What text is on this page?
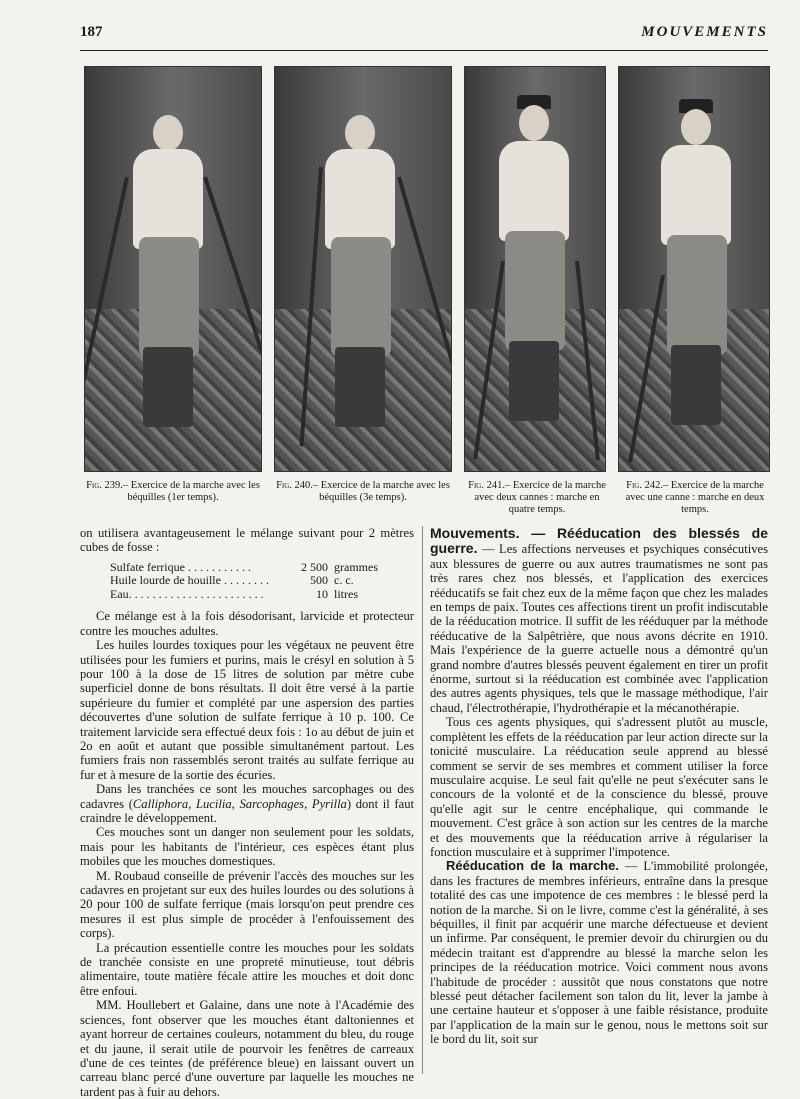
187	MOUVEMENTS
Fig. 239.– Exercice de la marche avec les béquilles (1er temps).
Fig. 240.– Exercice de la marche avec les béquilles (3e temps).
Fig. 241.– Exercice de la marche avec deux cannes : marche en quatre temps.
Fig. 242.– Exercice de la marche avec une canne : marche en deux temps.

on utilisera avantageusement le mélange suivant pour 2 mètres cubes de fosse :

Sulfate ferrique . . . . . . . . . . .	2 500 grammes
Huile lourde de houille . . . . . . . .	500 c. c.
Eau. . . . . . . . . . . . . . . . . . . . . . .	10 litres

Ce mélange est à la fois désodorisant, larvicide et protecteur contre les mouches adultes.

Les huiles lourdes toxiques pour les végétaux ne peuvent être utilisées pour les fumiers et purins, mais le crésyl en solution à 5 pour 100 à la dose de 15 litres de solution par mètre cube superficiel donne de bons résultats. Il doit être versé à la partie supérieure du fumier et complété par une aspersion des parties découvertes d'une solution de sulfate ferrique à 10 p. 100. Ce traitement larvicide sera effectué deux fois : 1o au début de juin et 2o en août et autant que possible simultanément partout. Les fumiers frais non rassemblés seront traités au sulfate ferrique au fur et à mesure de la sortie des écuries.

Dans les tranchées ce sont les mouches sarcophages ou des cadavres (Calliphora, Lucilia, Sarcophages, Pyrilla) dont il faut craindre le développement.

Ces mouches sont un danger non seulement pour les soldats, mais pour les habitants de l'intérieur, ces espèces étant plus mobiles que les mouches domestiques.

M. Roubaud conseille de prévenir l'accès des mouches sur les cadavres en projetant sur eux des huiles lourdes ou des solutions à 20 pour 100 de sulfate ferrique (mais lorsqu'on peut prendre ces mesures il est plus simple de procéder à l'enfouissement des corps).

La précaution essentielle contre les mouches pour les soldats de tranchée consiste en une propreté minutieuse, tout débris alimentaire, toute matière fécale attire les mouches et doit donc être enfoui.

MM. Houllebert et Galaine, dans une note à l'Académie des sciences, font observer que les mouches étant daltoniennes et ayant horreur de certaines couleurs, notamment du bleu, du rouge et du jaune, il serait utile de pourvoir les fenêtres de carreaux d'une de ces teintes (de préférence bleue) en laissant ouvert un carreau blanc percé d'une ouverture par laquelle les mouches ne tardent pas à fuir au dehors.

Mouvements. — Rééducation des blessés de guerre. — Les affections nerveuses et psychiques consécutives aux blessures de guerre ou aux autres traumatismes ne sont pas très rares chez nos blessés, et l'application des exercices rééducatifs se fait chez eux de la même façon que chez les malades en temps de paix. Toutes ces affections tirent un profit indiscutable de la rééducation motrice. Il suffit de les rééduquer par la méthode rééducative de la Salpêtrière, que nous avons décrite en 1910. Mais l'expérience de la guerre actuelle nous a démontré qu'un grand nombre d'autres blessés peuvent également en tirer un profit énorme, surtout si la rééducation est combinée avec l'application des autres agents physiques, tels que le massage méthodique, l'air chaud, l'électrothérapie, l'hydrothérapie et la mécanothérapie.

Tous ces agents physiques, qui s'adressent plutôt au muscle, complètent les effets de la rééducation par leur action directe sur la tonicité musculaire. La rééducation seule apprend au blessé comment se servir de ses membres et comment utiliser la force musculaire acquise. Le seul fait qu'elle ne peut s'exécuter sans le concours de la volonté et de la conscience du blessé, prouve qu'elle agit sur le centre encéphalique, qui commande le mouvement. C'est grâce à son action sur les centres de la marche et des mouvements que la rééducation arrive à régulariser la fonction musculaire et à supprimer l'impotence.

Rééducation de la marche. — L'immobilité prolongée, dans les fractures de membres inférieurs, entraîne dans la presque totalité des cas une impotence de ces membres : le blessé perd la notion de la marche. Si on le livre, comme c'est la généralité, à ses béquilles, il finit par acquérir une marche défectueuse et devient un infirme. Par conséquent, le premier devoir du chirurgien ou du médecin traitant est d'apprendre au blessé la marche selon les principes de la rééducation motrice. Voici comment nous avons l'habitude de procéder : aussitôt que nous constatons que notre blessé peut détacher facilement son talon du lit, lever la jambe à une certaine hauteur et s'opposer à une faible résistance, produite par l'application de la main sur le genou, nous le mettons soit sur le bord du lit, soit sur
